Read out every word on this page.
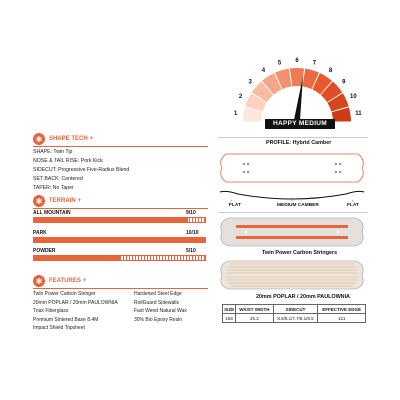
1
2
3
4
5 6 7
8
9
10
11
HAPPY MEDIUM
✱	SHAPE TECH +
SHAPE: Twin Tip
NOSE & TAIL RISE: Pork Kick
SIDECUT: Progressive Five-Radius Blend
SET BACK: Centered
TAPER: No Taper
✱	TERRAIN +
ALL MOUNTAIN	9/10
PARK	10/10
POWDER	5/10
✱	FEATURES +
Twin Power Carbon Stringer
20mm POPLAR / 20mm PAULOWNIA
Triax Fiberglass
Premium Sintered Base 8.4M
Impact Shield Topsheet
Hardened Steel Edge
RollGuard Sidewalls
Fast Wend Natural Wax
30% Bio Epoxy Resin
PROFILE: Hybrid Camber
FLAT	MEDIUM CAMBER	FLAT
Twin Power Carbon Stringers
20mm POPLAR / 20mm PAULOWNIA
SIZE	WAIST WIDTH	SIDECUT	EFFECTIVE EDGE
156	25.2	8.5/8.1/7.7/8.1/8.5	121
